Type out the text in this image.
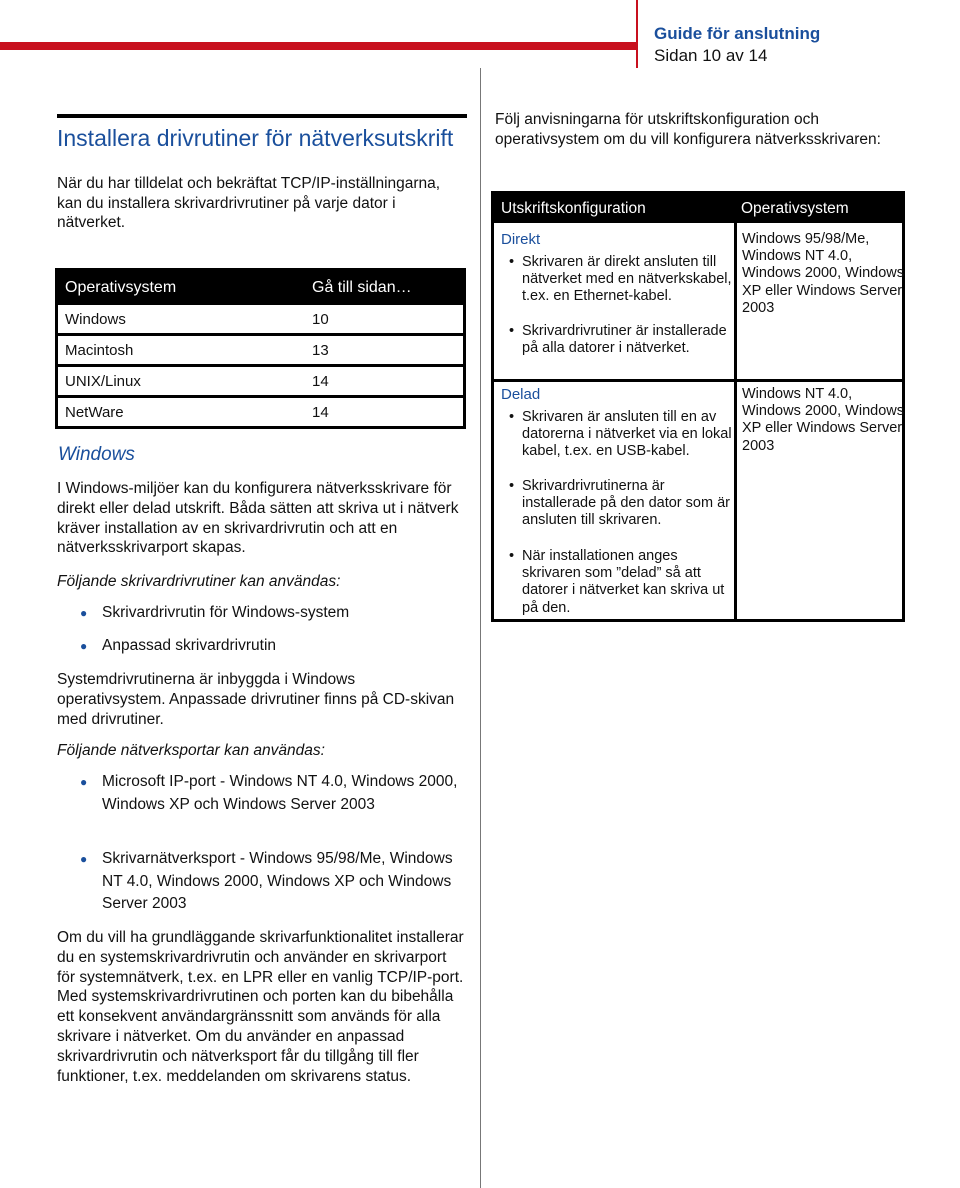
Guide för anslutning
Sidan 10 av 14
Installera drivrutiner för nätverksutskrift

När du har tilldelat och bekräftat TCP/IP-inställningarna, kan du installera skrivardrivrutiner på varje dator i nätverket.

Operativsystem	Gå till sidan…
Windows	10
Macintosh	13
UNIX/Linux	14
NetWare	14
Windows
I Windows-miljöer kan du konfigurera nätverksskrivare för direkt eller delad utskrift. Båda sätten att skriva ut i nätverk kräver installation av en skrivardrivrutin och att en nätverksskrivarport skapas.
Följande skrivardrivrutiner kan användas:
● Skrivardrivrutin för Windows-system
● Anpassad skrivardrivrutin
Systemdrivrutinerna är inbyggda i Windows operativsystem. Anpassade drivrutiner finns på CD-skivan med drivrutiner.
Följande nätverksportar kan användas:
● Microsoft IP-port - Windows NT 4.0, Windows 2000, Windows XP och Windows Server 2003
● Skrivarnätverksport - Windows 95/98/Me, Windows NT 4.0, Windows 2000, Windows XP och Windows Server 2003
Om du vill ha grundläggande skrivarfunktionalitet installerar du en systemskrivardrivrutin och använder en skrivarport för systemnätverk, t.ex. en LPR eller en vanlig TCP/IP-port. Med systemskrivardrivrutinen och porten kan du bibehålla ett konsekvent användargränssnitt som används för alla skrivare i nätverket. Om du använder en anpassad skrivardrivrutin och nätverksport får du tillgång till fler funktioner, t.ex. meddelanden om skrivarens status.
Följ anvisningarna för utskriftskonfiguration och operativsystem om du vill konfigurera nätverksskrivaren:
Utskriftskonfiguration	Operativsystem
Direkt
• Skrivaren är direkt ansluten till nätverket med en nätverkskabel, t.ex. en Ethernet-kabel.
• Skrivardrivrutiner är installerade på alla datorer i nätverket.
Windows 95/98/Me, Windows NT 4.0, Windows 2000, Windows XP eller Windows Server 2003
Delad
• Skrivaren är ansluten till en av datorerna i nätverket via en lokal kabel, t.ex. en USB-kabel.
• Skrivardrivrutinerna är installerade på den dator som är ansluten till skrivaren.
• När installationen anges skrivaren som ”delad” så att datorer i nätverket kan skriva ut på den.
Windows NT 4.0, Windows 2000, Windows XP eller Windows Server 2003
